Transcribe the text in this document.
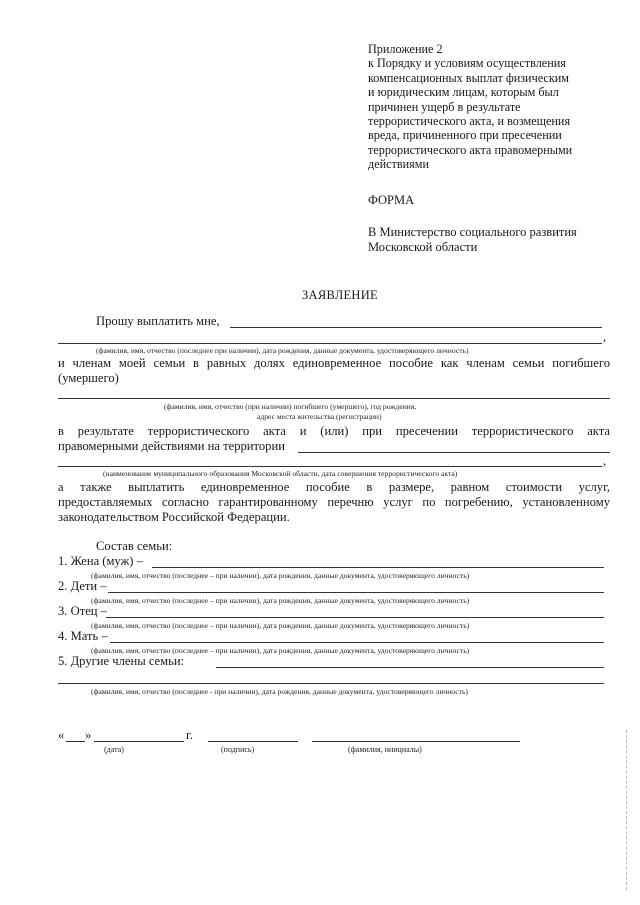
Приложение 2
к Порядку и условиям осуществления
компенсационных выплат физическим
и юридическим лицам, которым был
причинен ущерб в результате
террористического акта, и возмещения
вреда, причиненного при пресечении
террористического акта правомерными
действиями
ФОРМА
В Министерство социального развития
Московской области
ЗАЯВЛЕНИЕ
Прошу выплатить мне,
,
(фамилия, имя, отчество (последнее при наличии), дата рождения, данные документа, удостоверяющего личность)
и членам моей семьи в равных долях единовременное пособие как членам семьи погибшего
(умершего)
(фамилия, имя, отчество (при наличии) погибшего (умершего), год рождения,
адрес места жительства (регистрации)
в результате террористического акта и (или) при пресечении террористического акта
правомерными действиями на территории
,
(наименование муниципального образования Московской области, дата совершения террористического акта)
а также выплатить единовременное пособие в размере, равном стоимости услуг,
предоставляемых согласно гарантированному перечню услуг по погребению, установленному
законодательством Российской Федерации.
Состав семьи:
1. Жена (муж) –
(фамилия, имя, отчество (последнее – при наличии), дата рождения, данные документа, удостоверяющего личность)
2. Дети –
(фамилия, имя, отчество (последнее – при наличии), дата рождения, данные документа, удостоверяющего личность)
3. Отец –
(фамилия, имя, отчество (последнее – при наличии), дата рождения, данные документа, удостоверяющего личность)
4. Мать –
(фамилия, имя, отчество (последнее – при наличии), дата рождения, данные документа, удостоверяющего личность)
5. Другие члены семьи:
(фамилия, имя, отчество (последнее - при наличии), дата рождения, данные документа, удостоверяющего личность)
« »	г.
(дата)	(подпись)	(фамилия, инициалы)
